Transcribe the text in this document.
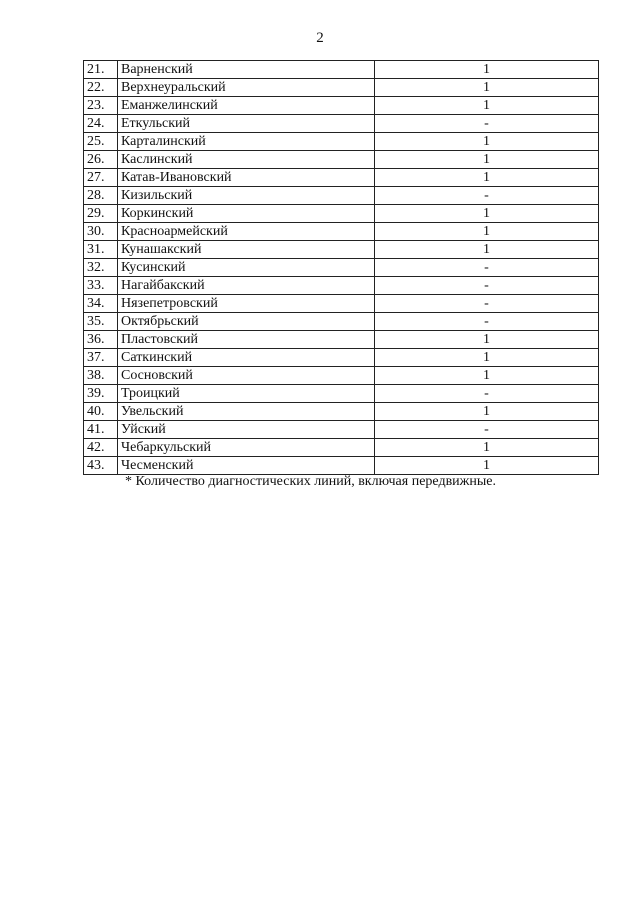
2
21.	Варненский	1
22.	Верхнеуральский	1
23.	Еманжелинский	1
24.	Еткульский	-
25.	Карталинский	1
26.	Каслинский	1
27.	Катав-Ивановский	1
28.	Кизильский	-
29.	Коркинский	1
30.	Красноармейский	1
31.	Кунашакский	1
32.	Кусинский	-
33.	Нагайбакский	-
34.	Нязепетровский	-
35.	Октябрьский	-
36.	Пластовский	1
37.	Саткинский	1
38.	Сосновский	1
39.	Троицкий	-
40.	Увельский	1
41.	Уйский	-
42.	Чебаркульский	1
43.	Чесменский	1
* Количество диагностических линий, включая передвижные.
